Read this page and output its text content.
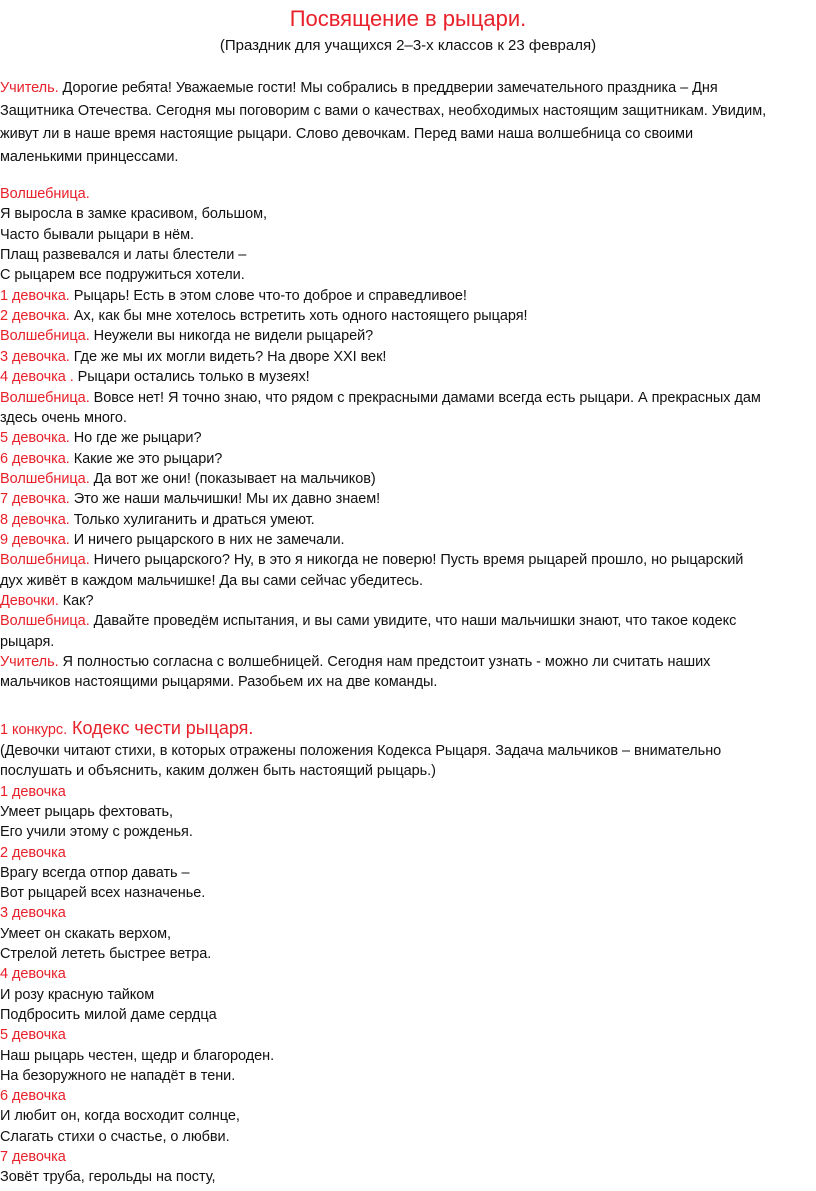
Посвящение в рыцари.
(Праздник для учащихся 2–3-х классов к 23 февраля)
Учитель. Дорогие ребята! Уважаемые гости! Мы собрались в преддверии замечательного праздника – Дня
Защитника Отечества. Сегодня мы поговорим с вами о качествах, необходимых настоящим защитникам. Увидим,
живут ли в наше время настоящие рыцари. Слово девочкам. Перед вами наша волшебница со своими
маленькими принцессами.
Волшебница.
Я выросла в замке красивом, большом,
Часто бывали рыцари в нём.
Плащ развевался и латы блестели –
С рыцарем все подружиться хотели.
1 девочка. Рыцарь! Есть в этом слове что-то доброе и справедливое!
2 девочка. Ах, как бы мне хотелось встретить хоть одного настоящего рыцаря!
Волшебница. Неужели вы никогда не видели рыцарей?
3 девочка. Где же мы их могли видеть? На дворе XXI век!
4 девочка . Рыцари остались только в музеях!
Волшебница. Вовсе нет! Я точно знаю, что рядом с прекрасными дамами всегда есть рыцари. А прекрасных дам
здесь очень много.
5 девочка. Но где же рыцари?
6 девочка. Какие же это рыцари?
Волшебница. Да вот же они! (показывает на мальчиков)
7 девочка. Это же наши мальчишки! Мы их давно знаем!
8 девочка. Только хулиганить и драться умеют.
9 девочка. И ничего рыцарского в них не замечали.
Волшебница. Ничего рыцарского? Ну, в это я никогда не поверю! Пусть время рыцарей прошло, но рыцарский
дух живёт в каждом мальчишке! Да вы сами сейчас убедитесь.
Девочки. Как?
Волшебница. Давайте проведём испытания, и вы сами увидите, что наши мальчишки знают, что такое кодекс
рыцаря.
Учитель. Я полностью согласна с волшебницей. Сегодня нам предстоит узнать - можно ли считать наших
мальчиков настоящими рыцарями. Разобьем их на две команды.
1 конкурс. Кодекс чести рыцаря.
(Девочки читают стихи, в которых отражены положения Кодекса Рыцаря. Задача мальчиков – внимательно
послушать и объяснить, каким должен быть настоящий рыцарь.)
1 девочка
Умеет рыцарь фехтовать,
Его учили этому с рожденья.
2 девочка
Врагу всегда отпор давать –
Вот рыцарей всех назначенье.
3 девочка
Умеет он скакать верхом,
Стрелой лететь быстрее ветра.
4 девочка
И розу красную тайком
Подбросить милой даме сердца
5 девочка
Наш рыцарь честен, щедр и благороден.
На безоружного не нападёт в тени.
6 девочка
И любит он, когда восходит солнце,
Слагать стихи о счастье, о любви.
7 девочка
Зовёт труба, герольды на посту,
